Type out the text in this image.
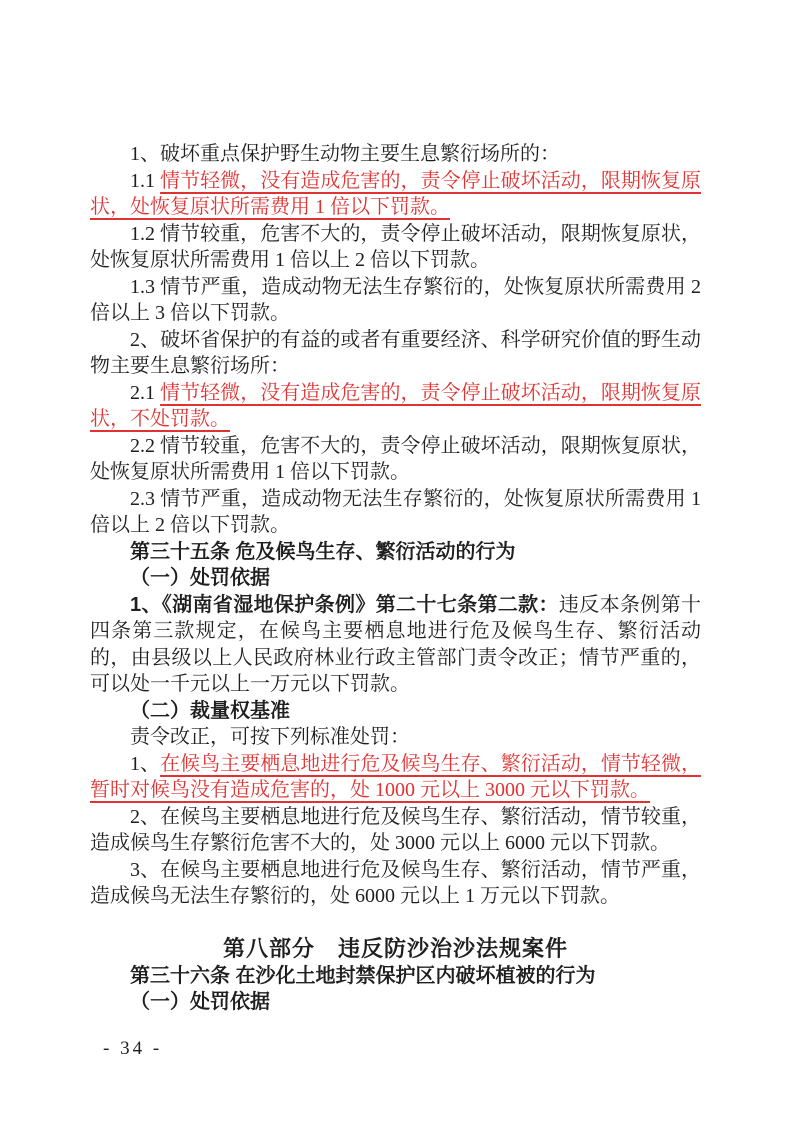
1、破坏重点保护野生动物主要生息繁衍场所的：

1.1 情节轻微，没有造成危害的，责令停止破坏活动，限期恢复原状，处恢复原状所需费用 1 倍以下罚款。

1.2 情节较重，危害不大的，责令停止破坏活动，限期恢复原状，处恢复原状所需费用 1 倍以上 2 倍以下罚款。

1.3 情节严重，造成动物无法生存繁衍的，处恢复原状所需费用 2 倍以上 3 倍以下罚款。

2、破坏省保护的有益的或者有重要经济、科学研究价值的野生动物主要生息繁衍场所：

2.1 情节轻微，没有造成危害的，责令停止破坏活动，限期恢复原状，不处罚款。

2.2 情节较重，危害不大的，责令停止破坏活动，限期恢复原状，处恢复原状所需费用 1 倍以下罚款。

2.3 情节严重，造成动物无法生存繁衍的，处恢复原状所需费用 1 倍以上 2 倍以下罚款。

第三十五条 危及候鸟生存、繁衍活动的行为

（一）处罚依据

1、《湖南省湿地保护条例》第二十七条第二款：违反本条例第十四条第三款规定，在候鸟主要栖息地进行危及候鸟生存、繁衍活动的，由县级以上人民政府林业行政主管部门责令改正；情节严重的，可以处一千元以上一万元以下罚款。

（二）裁量权基准

责令改正，可按下列标准处罚：

1、在候鸟主要栖息地进行危及候鸟生存、繁衍活动，情节轻微，暂时对候鸟没有造成危害的，处 1000 元以上 3000 元以下罚款。

2、在候鸟主要栖息地进行危及候鸟生存、繁衍活动，情节较重，造成候鸟生存繁衍危害不大的，处 3000 元以上 6000 元以下罚款。

3、在候鸟主要栖息地进行危及候鸟生存、繁衍活动，情节严重，造成候鸟无法生存繁衍的，处 6000 元以上 1 万元以下罚款。

第八部分　违反防沙治沙法规案件

第三十六条 在沙化土地封禁保护区内破坏植被的行为

（一）处罚依据

- 34 -
